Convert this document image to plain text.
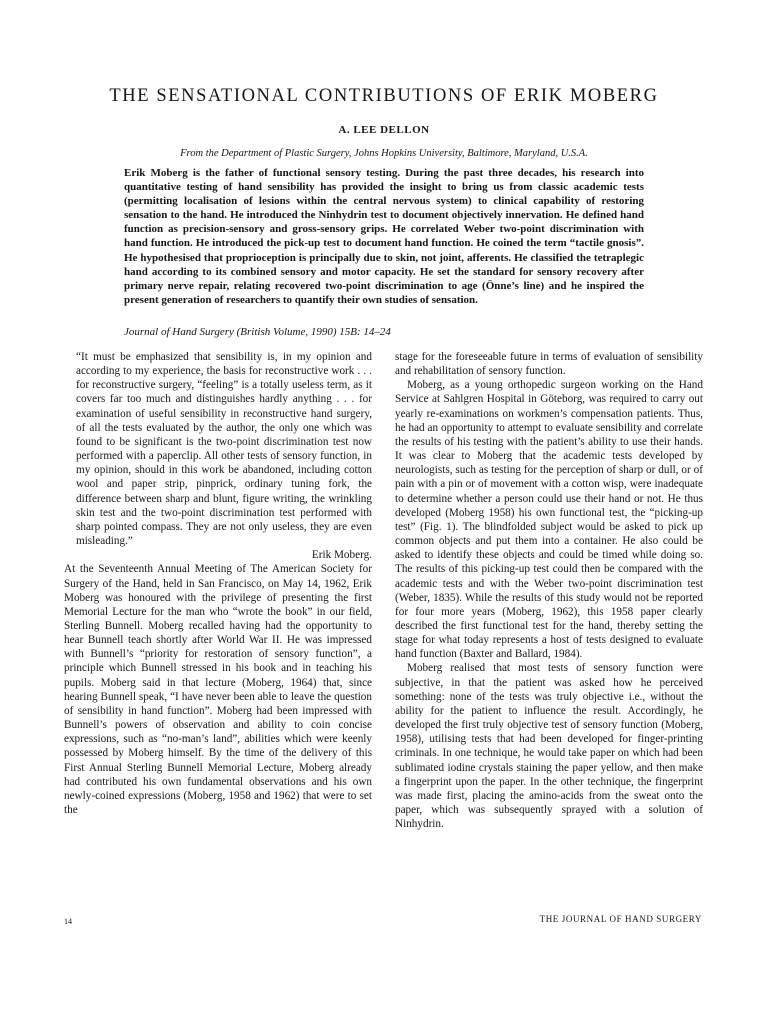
THE SENSATIONAL CONTRIBUTIONS OF ERIK MOBERG
A. LEE DELLON
From the Department of Plastic Surgery, Johns Hopkins University, Baltimore, Maryland, U.S.A.

Erik Moberg is the father of functional sensory testing. During the past three decades, his research into quantitative testing of hand sensibility has provided the insight to bring us from classic academic tests (permitting localisation of lesions within the central nervous system) to clinical capability of restoring sensation to the hand. He introduced the Ninhydrin test to document objectively innervation. He defined hand function as precision-sensory and gross-sensory grips. He correlated Weber two-point discrimination with hand function. He introduced the pick-up test to document hand function. He coined the term “tactile gnosis”. He hypothesised that proprioception is principally due to skin, not joint, afferents. He classified the tetraplegic hand according to its combined sensory and motor capacity. He set the standard for sensory recovery after primary nerve repair, relating recovered two-point discrimination to age (Önne’s line) and he inspired the present generation of researchers to quantify their own studies of sensation.

Journal of Hand Surgery (British Volume, 1990) 15B: 14–24

“It must be emphasized that sensibility is, in my opinion and according to my experience, the basis for reconstructive work . . . for reconstructive surgery, “feeling” is a totally useless term, as it covers far too much and distinguishes hardly anything . . . for examination of useful sensibility in reconstructive hand surgery, of all the tests evaluated by the author, the only one which was found to be significant is the two-point discrimination test now performed with a paperclip. All other tests of sensory function, in my opinion, should in this work be abandoned, including cotton wool and paper strip, pinprick, ordinary tuning fork, the difference between sharp and blunt, figure writing, the wrinkling skin test and the two-point discrimination test performed with sharp pointed compass. They are not only useless, they are even misleading.”

Erik Moberg.

At the Seventeenth Annual Meeting of The American Society for Surgery of the Hand, held in San Francisco, on May 14, 1962, Erik Moberg was honoured with the privilege of presenting the first Memorial Lecture for the man who “wrote the book” in our field, Sterling Bunnell. Moberg recalled having had the opportunity to hear Bunnell teach shortly after World War II. He was impressed with Bunnell’s “priority for restoration of sensory function”, a principle which Bunnell stressed in his book and in teaching his pupils. Moberg said in that lecture (Moberg, 1964) that, since hearing Bunnell speak, “I have never been able to leave the question of sensibility in hand function”. Moberg had been impressed with Bunnell’s powers of observation and ability to coin concise expressions, such as “no-man’s land”, abilities which were keenly possessed by Moberg himself. By the time of the delivery of this First Annual Sterling Bunnell Memorial Lecture, Moberg already had contributed his own fundamental observations and his own newly-coined expressions (Moberg, 1958 and 1962) that were to set the

stage for the foreseeable future in terms of evaluation of sensibility and rehabilitation of sensory function.

Moberg, as a young orthopedic surgeon working on the Hand Service at Sahlgren Hospital in Göteborg, was required to carry out yearly re-examinations on workmen’s compensation patients. Thus, he had an opportunity to attempt to evaluate sensibility and correlate the results of his testing with the patient’s ability to use their hands. It was clear to Moberg that the academic tests developed by neurologists, such as testing for the perception of sharp or dull, or of pain with a pin or of movement with a cotton wisp, were inadequate to determine whether a person could use their hand or not. He thus developed (Moberg 1958) his own functional test, the “picking-up test” (Fig. 1). The blindfolded subject would be asked to pick up common objects and put them into a container. He also could be asked to identify these objects and could be timed while doing so. The results of this picking-up test could then be compared with the academic tests and with the Weber two-point discrimination test (Weber, 1835). While the results of this study would not be reported for four more years (Moberg, 1962), this 1958 paper clearly described the first functional test for the hand, thereby setting the stage for what today represents a host of tests designed to evaluate hand function (Baxter and Ballard, 1984).

Moberg realised that most tests of sensory function were subjective, in that the patient was asked how he perceived something: none of the tests was truly objective i.e., without the ability for the patient to influence the result. Accordingly, he developed the first truly objective test of sensory function (Moberg, 1958), utilising tests that had been developed for finger-printing criminals. In one technique, he would take paper on which had been sublimated iodine crystals staining the paper yellow, and then make a fingerprint upon the paper. In the other technique, the fingerprint was made first, placing the amino-acids from the sweat onto the paper, which was subsequently sprayed with a solution of Ninhydrin.

14	THE JOURNAL OF HAND SURGERY
